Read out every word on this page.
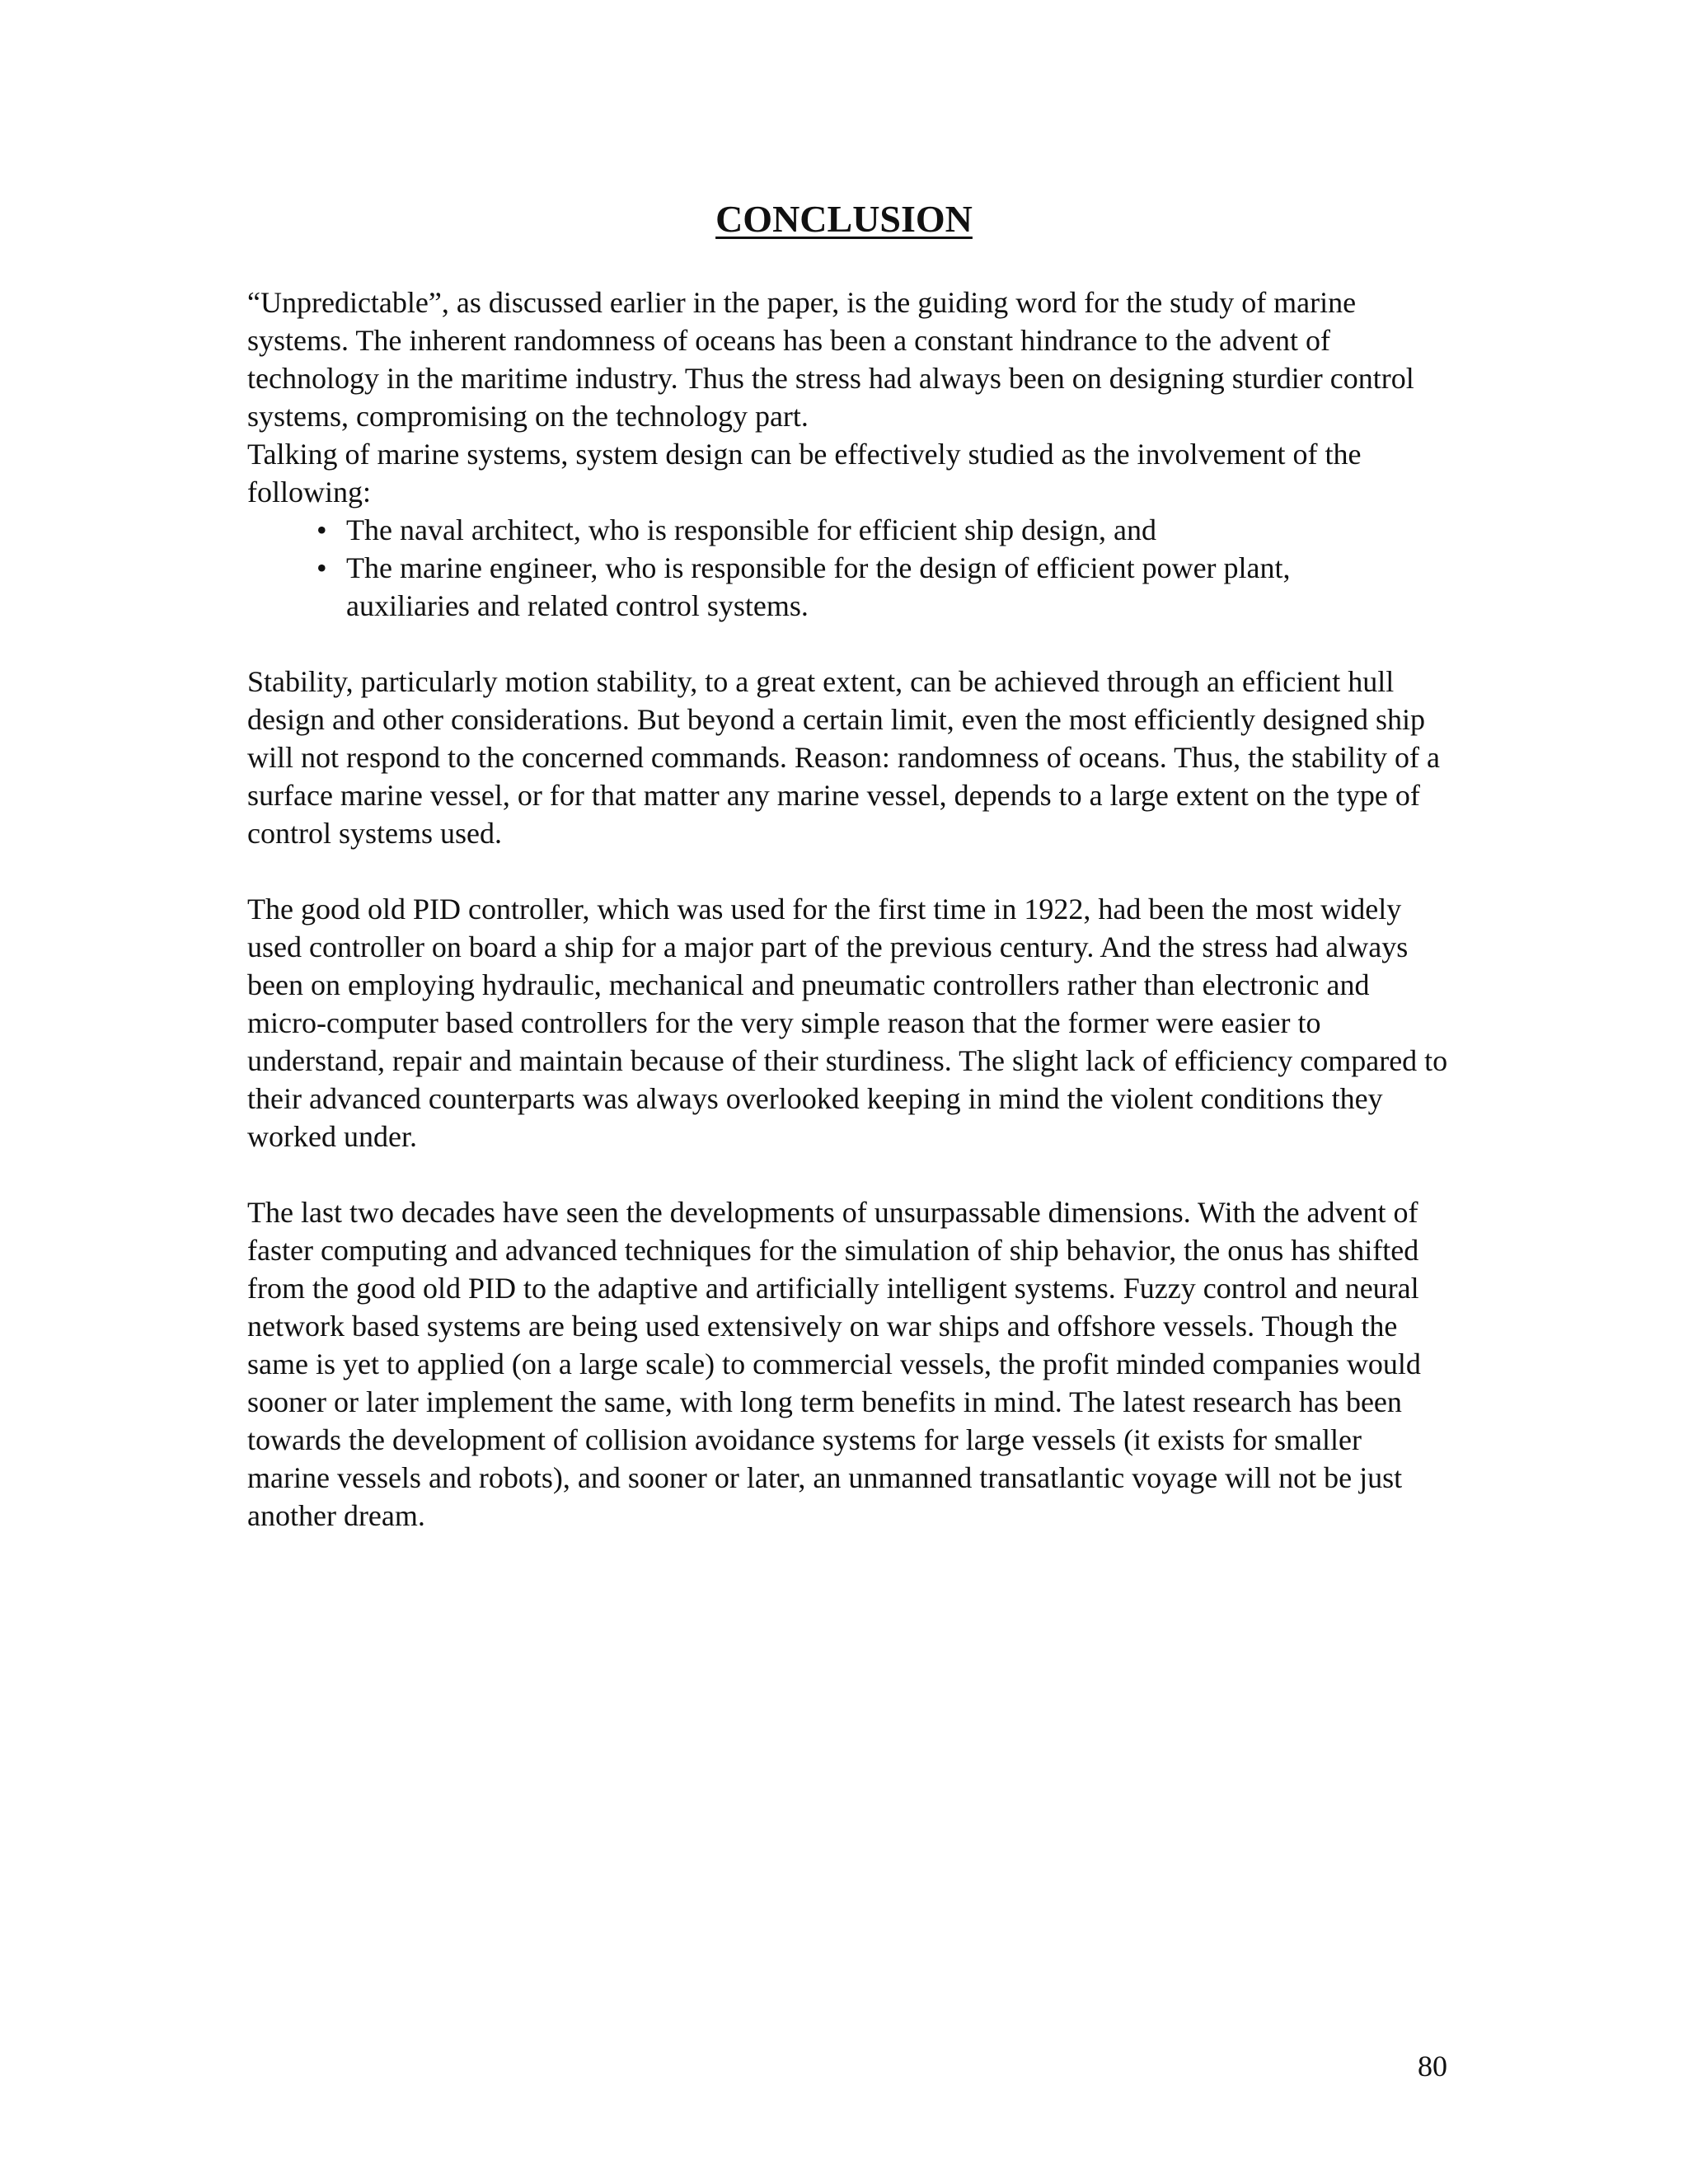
CONCLUSION

“Unpredictable”, as discussed earlier in the paper, is the guiding word for the study of marine systems. The inherent randomness of oceans has been a constant hindrance to the advent of technology in the maritime industry. Thus the stress had always been on designing sturdier control systems, compromising on the technology part.

Talking of marine systems, system design can be effectively studied as the involvement of the following:

• The naval architect, who is responsible for efficient ship design, and
• The marine engineer, who is responsible for the design of efficient power plant, auxiliaries and related control systems.

Stability, particularly motion stability, to a great extent, can be achieved through an efficient hull design and other considerations. But beyond a certain limit, even the most efficiently designed ship will not respond to the concerned commands. Reason: randomness of oceans. Thus, the stability of a surface marine vessel, or for that matter any marine vessel, depends to a large extent on the type of control systems used.

The good old PID controller, which was used for the first time in 1922, had been the most widely used controller on board a ship for a major part of the previous century. And the stress had always been on employing hydraulic, mechanical and pneumatic controllers rather than electronic and micro-computer based controllers for the very simple reason that the former were easier to understand, repair and maintain because of their sturdiness. The slight lack of efficiency compared to their advanced counterparts was always overlooked keeping in mind the violent conditions they worked under.

The last two decades have seen the developments of unsurpassable dimensions. With the advent of faster computing and advanced techniques for the simulation of ship behavior, the onus has shifted from the good old PID to the adaptive and artificially intelligent systems. Fuzzy control and neural network based systems are being used extensively on war ships and offshore vessels. Though the same is yet to applied (on a large scale) to commercial vessels, the profit minded companies would sooner or later implement the same, with long term benefits in mind. The latest research has been towards the development of collision avoidance systems for large vessels (it exists for smaller marine vessels and robots), and sooner or later, an unmanned transatlantic voyage will not be just another dream.

80
